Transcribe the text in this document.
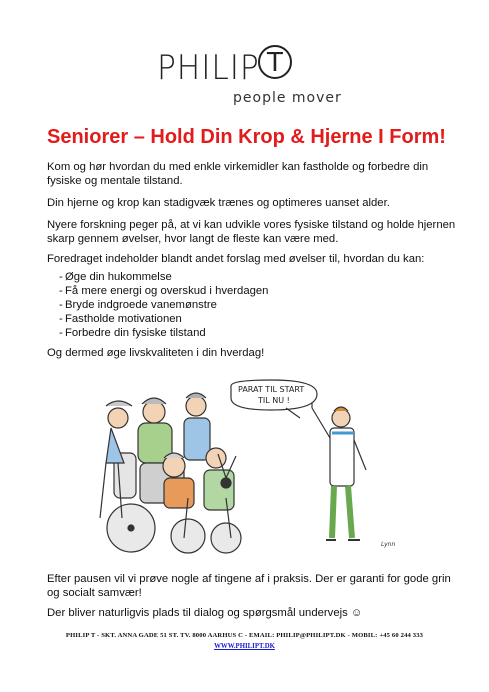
PHILIP T
people mover
Seniorer – Hold Din Krop & Hjerne I Form!
Kom og hør hvordan du med enkle virkemidler kan fastholde og forbedre din fysiske og mentale tilstand.
Din hjerne og krop kan stadigvæk trænes og optimeres uanset alder.
Nyere forskning peger på, at vi kan udvikle vores fysiske tilstand og holde hjernen skarp gennem øvelser, hvor langt de fleste kan være med.
Foredraget indeholder blandt andet forslag med øvelser til, hvordan du kan:
- Øge din hukommelse
- Få mere energi og overskud i hverdagen
- Bryde indgroede vanemønstre
- Fastholde motivationen
- Forbedre din fysiske tilstand
Og dermed øge livskvaliteten i din hverdag!
PARAT TIL START
TIL NU !
Lynn
Efter pausen vil vi prøve nogle af tingene af i praksis. Der er garanti for gode grin og socialt samvær!
Der bliver naturligvis plads til dialog og spørgsmål undervejs ☺
PHILIP T - SKT. ANNA GADE 51 ST. TV. 8000 AARHUS C - EMAIL: PHILIP@PHILIPT.DK - MOBIL: +45 60 244 333
WWW.PHILIPT.DK
